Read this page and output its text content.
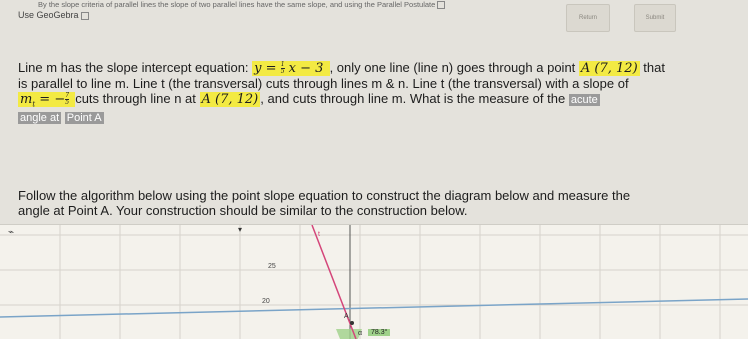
Use GeoGebra
By the slope criteria of parallel lines the slope of two parallel lines have the same slope, and using the Parallel Postulate
Return	Submit
Line m has the slope intercept equation: $y = \frac{1}{5}$ x − 3 , only one line (line n) goes through a point A (7, 12) that
is parallel to line m. Line t (the transversal) cuts through lines m & n. Line t (the transversal) with a slope of
$m_t$ = − $\frac{7}{5}$ cuts through line n at A (7, 12) , and cuts through line m. What is the measure of the acute
angle at Point A
Follow the algorithm below using the point slope equation to construct the diagram below and measure the
angle at Point A. Your construction should be similar to the construction below.
⌁	▾
t
25
20
A
α	78.3°
